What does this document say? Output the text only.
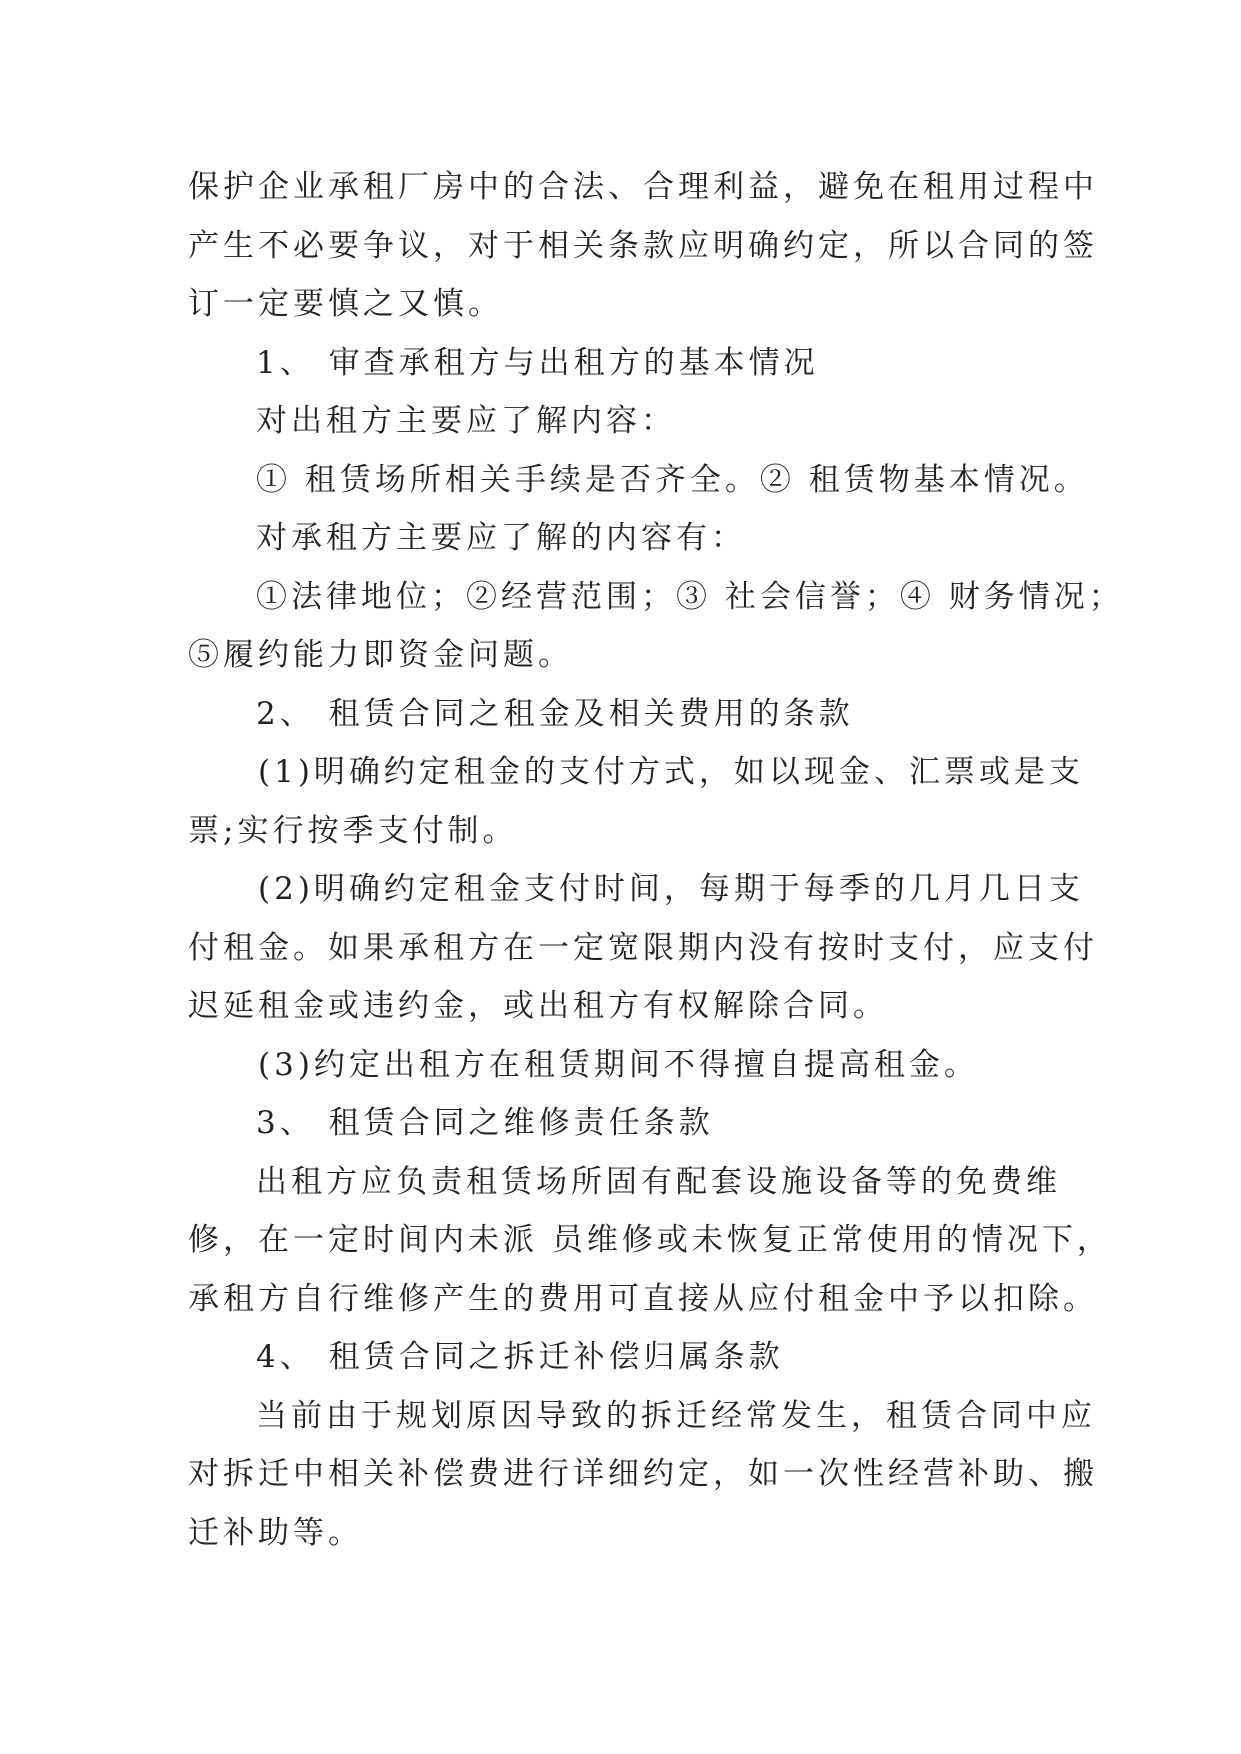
保护企业承租厂房中的合法、合理利益，避免在租用过程中
产生不必要争议，对于相关条款应明确约定，所以合同的签
订一定要慎之又慎。
1、 审查承租方与出租方的基本情况
对出租方主要应了解内容：
① 租赁场所相关手续是否齐全。② 租赁物基本情况。
对承租方主要应了解的内容有：
①法律地位；②经营范围；③ 社会信誉；④ 财务情况；
⑤履约能力即资金问题。
2、 租赁合同之租金及相关费用的条款
(1)明确约定租金的支付方式，如以现金、汇票或是支
票;实行按季支付制。
(2)明确约定租金支付时间，每期于每季的几月几日支
付租金。如果承租方在一定宽限期内没有按时支付，应支付
迟延租金或违约金，或出租方有权解除合同。
(3)约定出租方在租赁期间不得擅自提高租金。
3、 租赁合同之维修责任条款
出租方应负责租赁场所固有配套设施设备等的免费维
修，在一定时间内未派 员维修或未恢复正常使用的情况下，
承租方自行维修产生的费用可直接从应付租金中予以扣除。
4、 租赁合同之拆迁补偿归属条款
当前由于规划原因导致的拆迁经常发生，租赁合同中应
对拆迁中相关补偿费进行详细约定，如一次性经营补助、搬
迁补助等。
